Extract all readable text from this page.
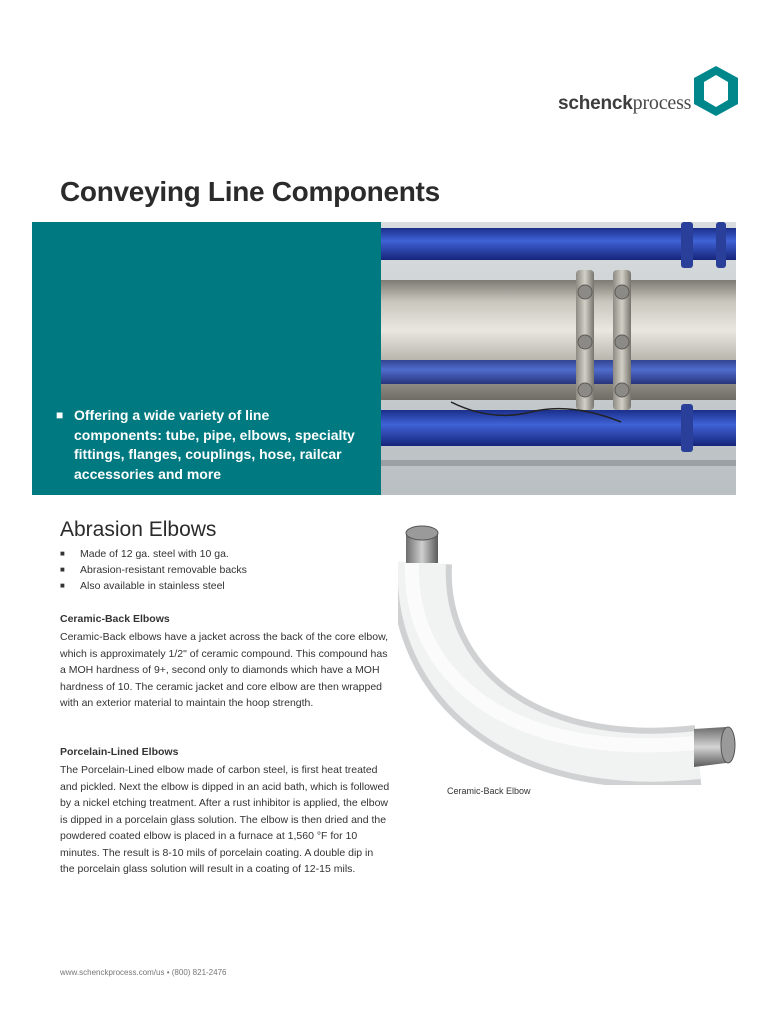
schenckprocess
Conveying Line Components
■ Offering a wide variety of line components: tube, pipe, elbows, specialty fittings, flanges, couplings, hose, railcar accessories and more
Abrasion Elbows
■ Made of 12 ga. steel with 10 ga.
■ Abrasion-resistant removable backs
■ Also available in stainless steel
Ceramic-Back Elbows

Ceramic-Back elbows have a jacket across the back of the core elbow, which is approximately 1/2" of ceramic compound. This compound has a MOH hardness of 9+, second only to diamonds which have a MOH hardness of 10. The ceramic jacket and core elbow are then wrapped with an exterior material to maintain the hoop strength.

Porcelain-Lined Elbows

The Porcelain-Lined elbow made of carbon steel, is first heat treated and pickled. Next the elbow is dipped in an acid bath, which is followed by a nickel etching treatment. After a rust inhibitor is applied, the elbow is dipped in a porcelain glass solution. The elbow is then dried and the powdered coated elbow is placed in a furnace at 1,560 °F for 10 minutes. The result is 8-10 mils of porcelain coating. A double dip in the porcelain glass solution will result in a coating of 12-15 mils.

Ceramic-Back Elbow
www.schenckprocess.com/us • (800) 821-2476
